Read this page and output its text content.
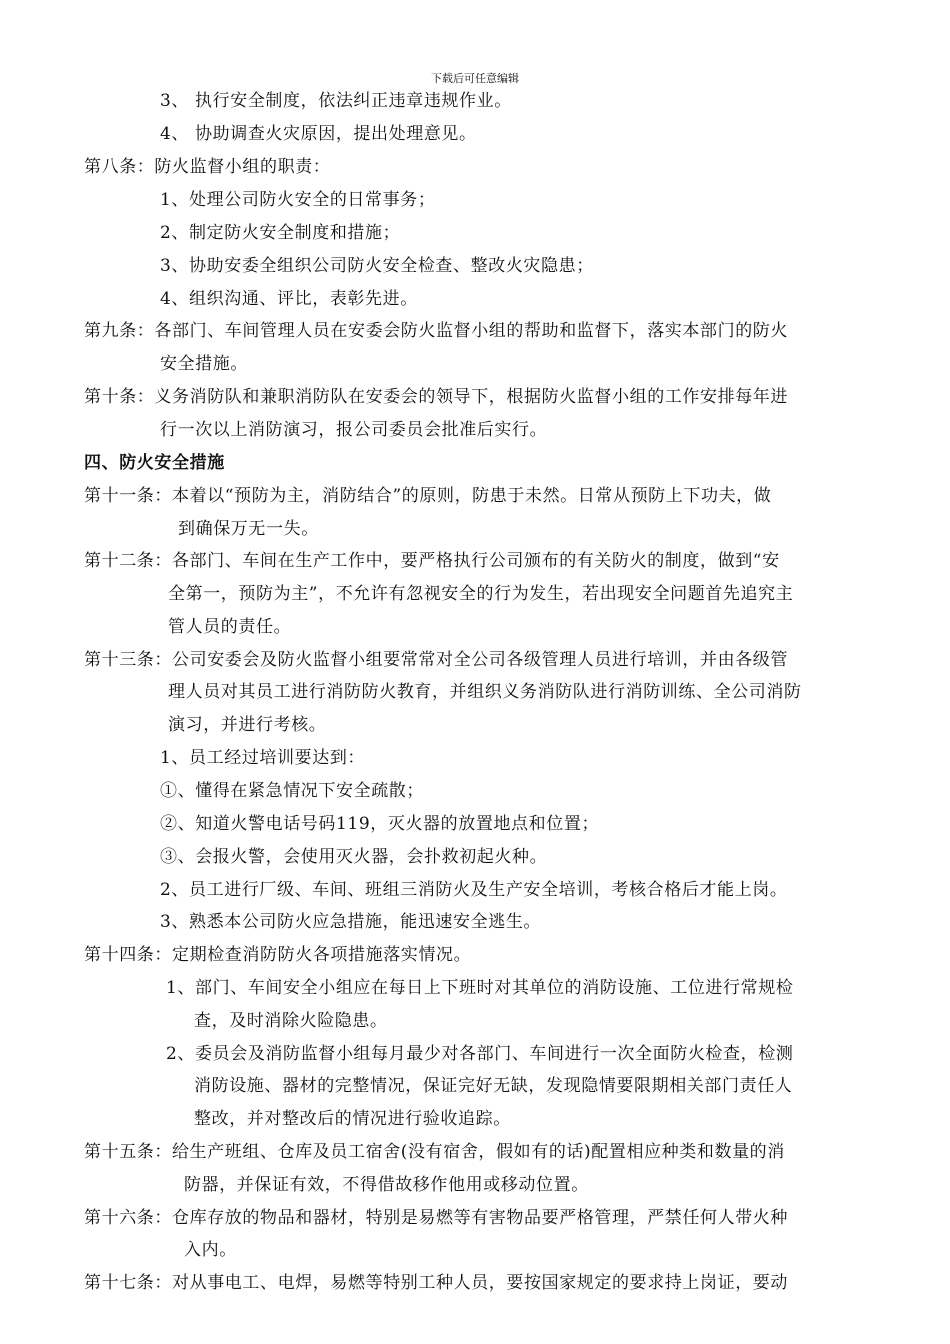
下载后可任意编辑
3、 执行安全制度，依法纠正违章违规作业。
4、 协助调查火灾原因，提出处理意见。
第八条：防火监督小组的职责：
1、处理公司防火安全的日常事务；
2、制定防火安全制度和措施；
3、协助安委全组织公司防火安全检查、整改火灾隐患；
4、组织沟通、评比，表彰先进。
第九条：各部门、车间管理人员在安委会防火监督小组的帮助和监督下，落实本部门的防火
安全措施。
第十条：义务消防队和兼职消防队在安委会的领导下，根据防火监督小组的工作安排每年进
行一次以上消防演习，报公司委员会批准后实行。
四、防火安全措施
第十一条：本着以“预防为主，消防结合”的原则，防患于未然。日常从预防上下功夫，做
到确保万无一失。
第十二条：各部门、车间在生产工作中，要严格执行公司颁布的有关防火的制度，做到“安
全第一，预防为主”，不允许有忽视安全的行为发生，若出现安全问题首先追究主
管人员的责任。
第十三条：公司安委会及防火监督小组要常常对全公司各级管理人员进行培训，并由各级管
理人员对其员工进行消防防火教育，并组织义务消防队进行消防训练、全公司消防
演习，并进行考核。
1、员工经过培训要达到：
①、懂得在紧急情况下安全疏散；
②、知道火警电话号码119，灭火器的放置地点和位置；
③、会报火警，会使用灭火器，会扑救初起火种。
2、员工进行厂级、车间、班组三消防火及生产安全培训，考核合格后才能上岗。
3、熟悉本公司防火应急措施，能迅速安全逃生。
第十四条：定期检查消防防火各项措施落实情况。
1、部门、车间安全小组应在每日上下班时对其单位的消防设施、工位进行常规检
查，及时消除火险隐患。
2、委员会及消防监督小组每月最少对各部门、车间进行一次全面防火检查，检测
消防设施、器材的完整情况，保证完好无缺，发现隐情要限期相关部门责任人
整改，并对整改后的情况进行验收追踪。
第十五条：给生产班组、仓库及员工宿舍(没有宿舍，假如有的话)配置相应种类和数量的消
防器，并保证有效，不得借故移作他用或移动位置。
第十六条：仓库存放的物品和器材，特别是易燃等有害物品要严格管理，严禁任何人带火种
入内。
第十七条：对从事电工、电焊，易燃等特别工种人员，要按国家规定的要求持上岗证，要动
